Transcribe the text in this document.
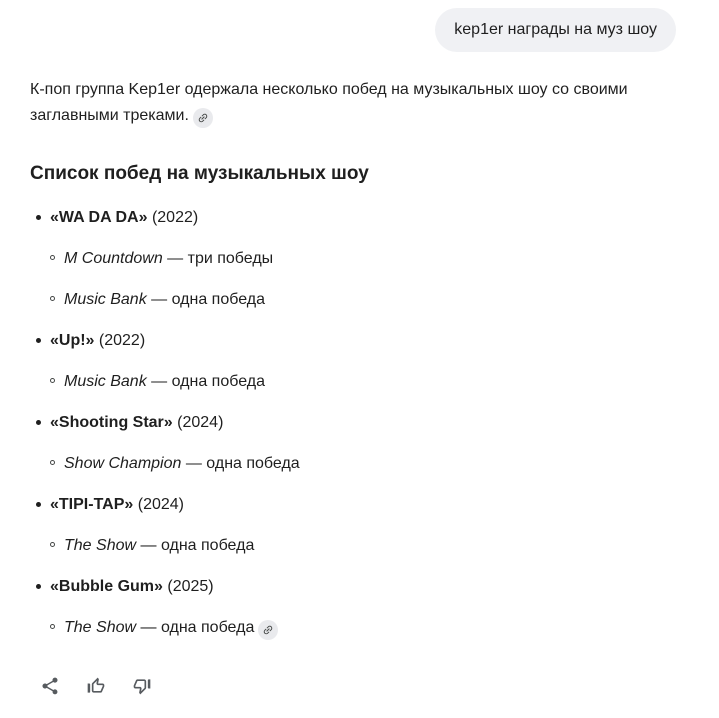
kep1er награды на муз шоу

К-поп группа Kep1er одержала несколько побед на музыкальных шоу со своими заглавными треками.

Список побед на музыкальных шоу
«WA DA DA» (2022)
M Countdown — три победы
Music Bank — одна победа
«Up!» (2022)
Music Bank — одна победа
«Shooting Star» (2024)
Show Champion — одна победа
«TIPI-TAP» (2024)
The Show — одна победа
«Bubble Gum» (2025)
The Show — одна победа
